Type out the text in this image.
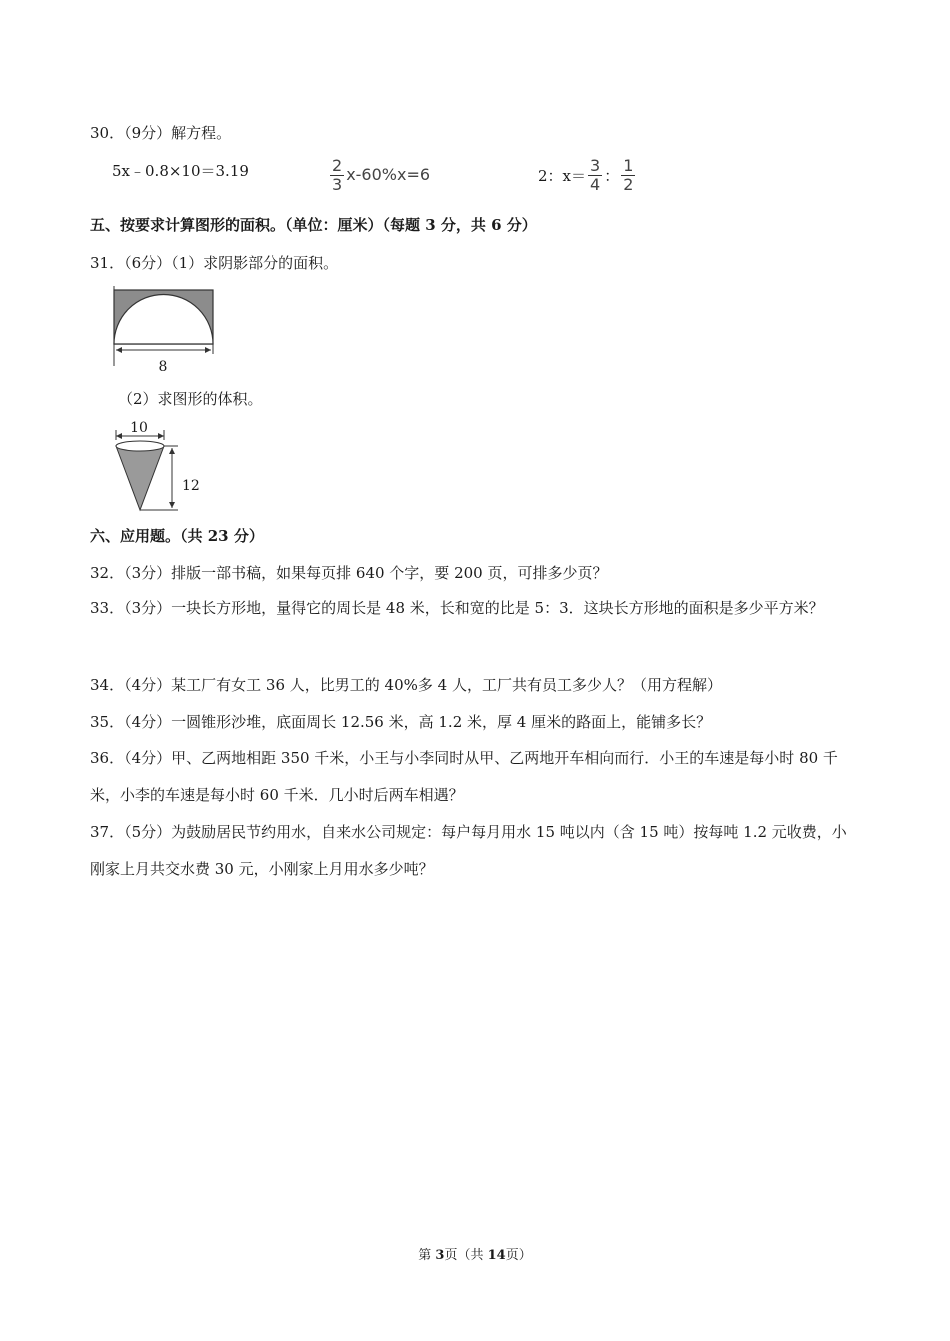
30．（9分）解方程。
5x﹣0.8×10＝3.19	$\frac{2}{3} x-60\%x=6$	2：$x= \frac{3}{4}$ ： $\frac{1}{2}$
五、按要求计算图形的面积。（单位：厘米）（每题 3 分，共 6 分）
31．（6分）（1）求阴影部分的面积。
8
（2）求图形的体积。
10
12
六、应用题。（共 23 分）
32．（3分）排版一部书稿，如果每页排 640 个字，要 200 页，可排多少页？
33．（3分）一块长方形地，量得它的周长是 48 米，长和宽的比是 5：3．这块长方形地的面积是多少平方米？
34．（4分）某工厂有女工 36 人，比男工的 40%多 4 人，工厂共有员工多少人？（用方程解）
35．（4分）一圆锥形沙堆，底面周长 12.56 米，高 1.2 米，厚 4 厘米的路面上，能铺多长？
36．（4分）甲、乙两地相距 350 千米，小王与小李同时从甲、乙两地开车相向而行．小王的车速是每小时 80 千米，小李的车速是每小时 60 千米．几小时后两车相遇？
37．（5分）为鼓励居民节约用水，自来水公司规定：每户每月用水 15 吨以内（含 15 吨）按每吨 1.2 元收费，小刚家上月共交水费 30 元，小刚家上月用水多少吨？
第 3页（共 14页）
